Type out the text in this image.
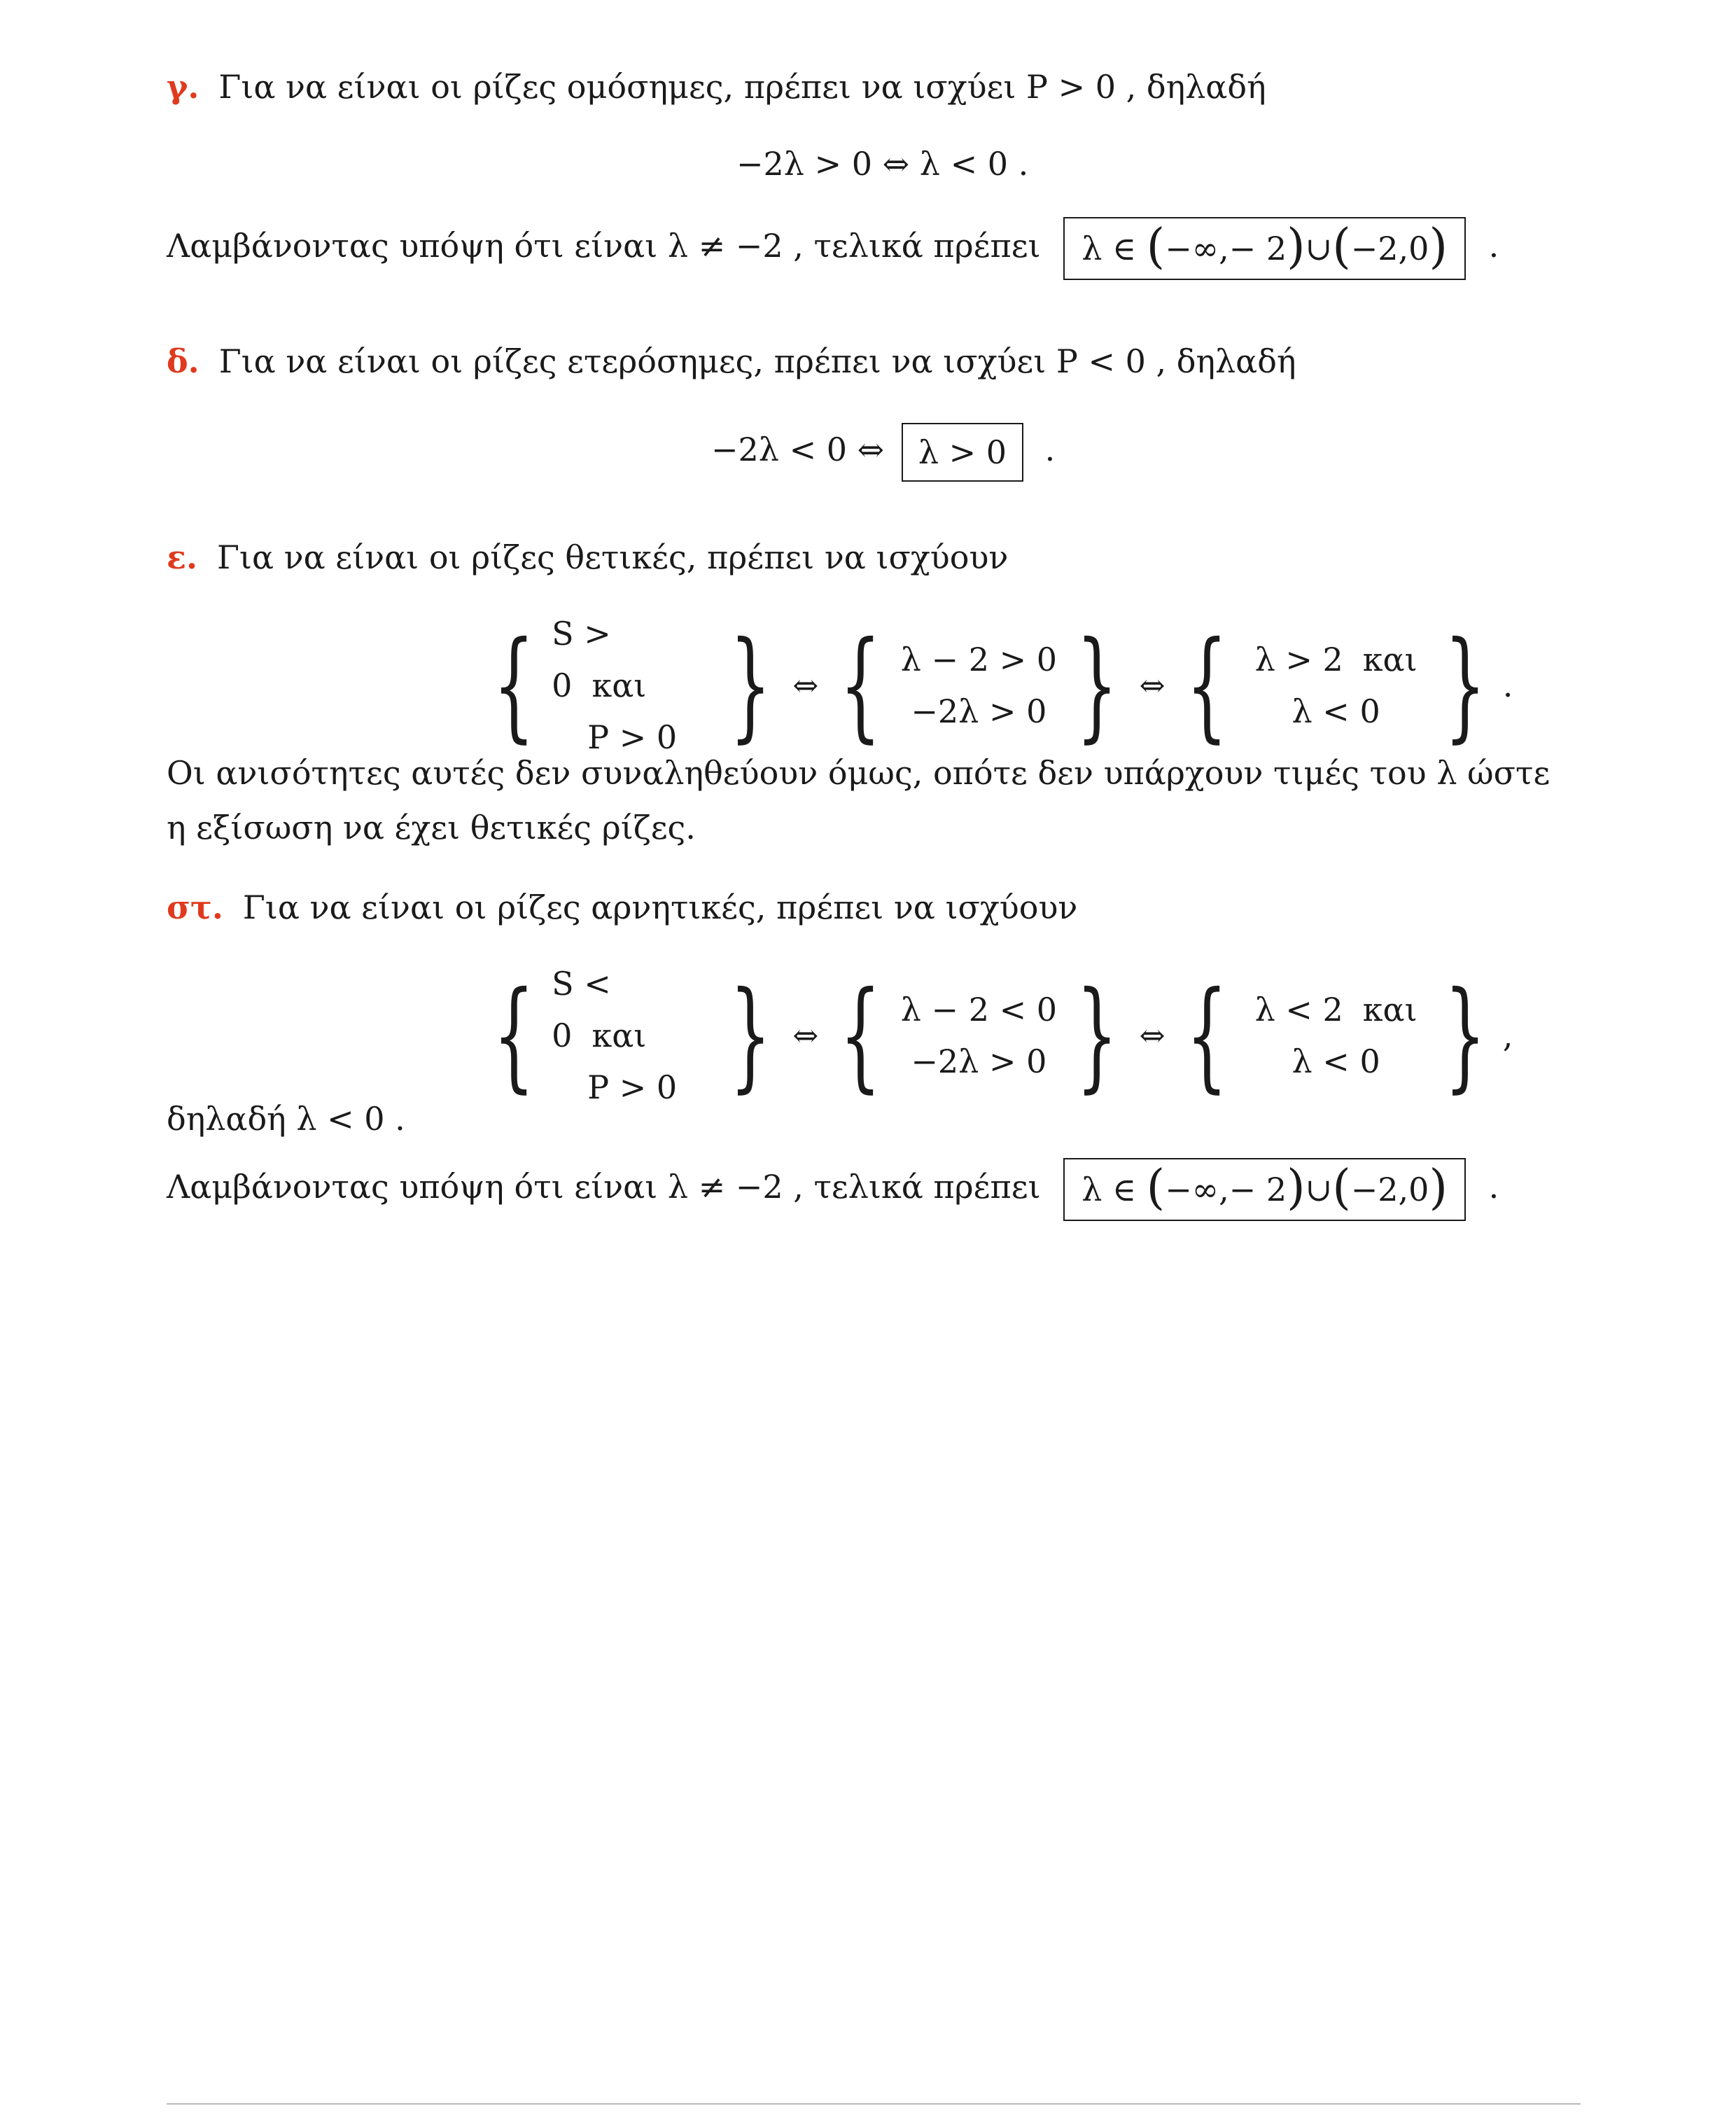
γ. Για να είναι οι ρίζες ομόσημες, πρέπει να ισχύει Ρ > 0 , δηλαδή
−2λ > 0 ⇔ λ < 0 .
Λαμβάνοντας υπόψη ότι είναι λ ≠ −2 , τελικά πρέπει λ ∈ (−∞,− 2)∪(−2,0) .
δ. Για να είναι οι ρίζες ετερόσημες, πρέπει να ισχύει Ρ < 0 , δηλαδή
−2λ < 0 ⇔ λ > 0 .
ε. Για να είναι οι ρίζες θετικές, πρέπει να ισχύουν
{ S > 0 και
P > 0 } ⇔ { λ − 2 > 0
−2λ > 0 } ⇔ { λ > 2 και
λ < 0 } .
Οι ανισότητες αυτές δεν συναληθεύουν όμως, οπότε δεν υπάρχουν τιμές του λ ώστε
η εξίσωση να έχει θετικές ρίζες.
στ. Για να είναι οι ρίζες αρνητικές, πρέπει να ισχύουν
{ S < 0 και
P > 0 } ⇔ { λ − 2 < 0
−2λ > 0 } ⇔ { λ < 2 και
λ < 0 } ,
δηλαδή λ < 0 .
Λαμβάνοντας υπόψη ότι είναι λ ≠ −2 , τελικά πρέπει λ ∈ (−∞,− 2)∪(−2,0) .
